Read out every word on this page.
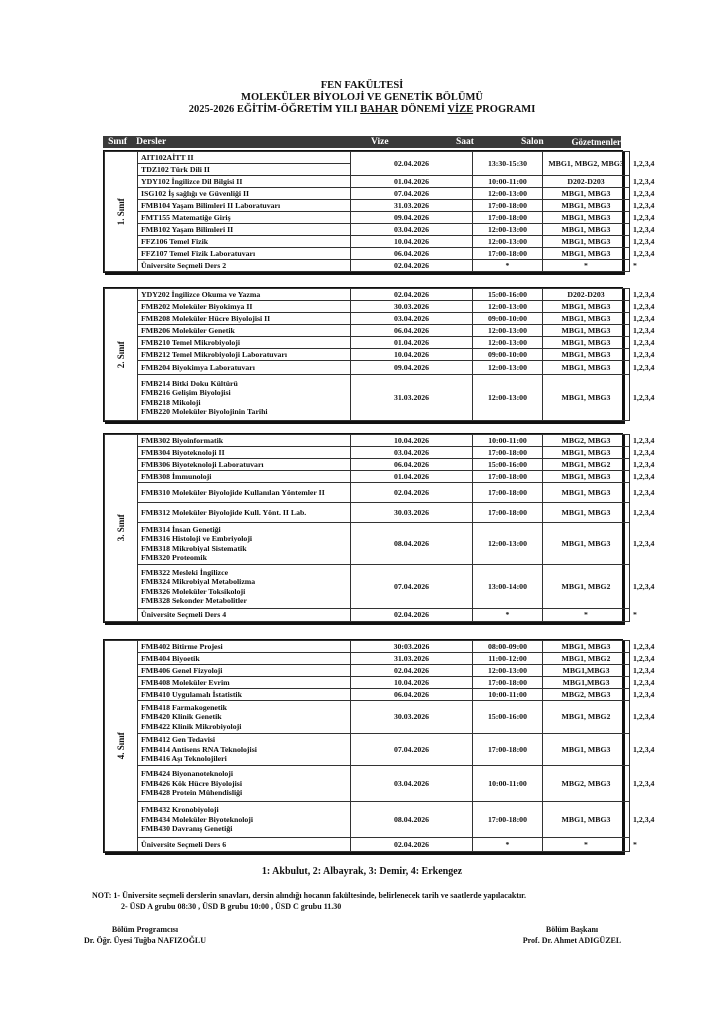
FEN FAKÜLTESİ
MOLEKÜLER BİYOLOJİ VE GENETİK BÖLÜMÜ
2025-2026 EĞİTİM-ÖĞRETİM YILI BAHAR DÖNEMİ VİZE PROGRAMI
Sınıf Dersler	Vize	Saat	Salon	Gözetmenler
1. Sınıf	AIT102AİTT II	02.04.2026	13:30-15:30	MBG1, MBG2, MBG3	1,2,3,4

	TDZ102 Türk Dili II				

	YDY102 İngilizce Dil Bilgisi II	01.04.2026	10:00-11:00	D202-D203	1,2,3,4

	ISG102 İş sağlığı ve Güvenliği II	07.04.2026	12:00-13:00	MBG1, MBG3	1,2,3,4

	FMB104 Yaşam Bilimleri II Laboratuvarı	31.03.2026	17:00-18:00	MBG1, MBG3	1,2,3,4

	FMT155 Matematiğe Giriş	09.04.2026	17:00-18:00	MBG1, MBG3	1,2,3,4

	FMB102 Yaşam Bilimleri II	03.04.2026	12:00-13:00	MBG1, MBG3	1,2,3,4

	FFZ106 Temel Fizik	10.04.2026	12:00-13:00	MBG1, MBG3	1,2,3,4

	FFZ107 Temel Fizik Laboratuvarı	06.04.2026	17:00-18:00	MBG1, MBG3	1,2,3,4

	Üniversite Seçmeli Ders 2	02.04.2026	*	*	*
2. Sınıf	YDY202 İngilizce Okuma ve Yazma	02.04.2026	15:00-16:00	D202-D203	1,2,3,4

	FMB202 Moleküler Biyokimya II	30.03.2026	12:00-13:00	MBG1, MBG3	1,2,3,4

	FMB208 Moleküler Hücre Biyolojisi II	03.04.2026	09:00-10:00	MBG1, MBG3	1,2,3,4

	FMB206 Moleküler Genetik	06.04.2026	12:00-13:00	MBG1, MBG3	1,2,3,4

	FMB210 Temel Mikrobiyoloji	01.04.2026	12:00-13:00	MBG1, MBG3	1,2,3,4

	FMB212 Temel Mikrobiyoloji Laboratuvarı	10.04.2026	09:00-10:00	MBG1, MBG3	1,2,3,4

	FMB204 Biyokimya Laboratuvarı	09.04.2026	12:00-13:00	MBG1, MBG3	1,2,3,4

	FMB214 Bitki Doku Kültürü
FMB216 Gelişim Biyolojisi
FMB218 Mikoloji
FMB220 Moleküler Biyolojinin Tarihi	31.03.2026	12:00-13:00	MBG1, MBG3	1,2,3,4
3. Sınıf	FMB302 Biyoinformatik	10.04.2026	10:00-11:00	MBG2, MBG3	1,2,3,4

	FMB304 Biyoteknoloji II	03.04.2026	17:00-18:00	MBG1, MBG3	1,2,3,4

	FMB306 Biyoteknoloji Laboratuvarı	06.04.2026	15:00-16:00	MBG1, MBG2	1,2,3,4

	FMB308 İmmunoloji	01.04.2026	17:00-18:00	MBG1, MBG3	1,2,3,4

	FMB310 Moleküler Biyolojide Kullanılan Yöntemler II	02.04.2026	17:00-18:00	MBG1, MBG3	1,2,3,4

	FMB312 Moleküler Biyolojide Kull. Yönt. II Lab.	30.03.2026	17:00-18:00	MBG1, MBG3	1,2,3,4

	FMB314 İnsan Genetiği
FMB316 Histoloji ve Embriyoloji
FMB318 Mikrobiyal Sistematik
FMB320 Proteomik	08.04.2026	12:00-13:00	MBG1, MBG3	1,2,3,4

	FMB322 Mesleki İngilizce
FMB324 Mikrobiyal Metabolizma
FMB326 Moleküler Toksikoloji
FMB328 Sekonder Metabolitler	07.04.2026	13:00-14:00	MBG1, MBG2	1,2,3,4

	Üniversite Seçmeli Ders 4	02.04.2026	*	*	*
4. Sınıf	FMB402 Bitirme Projesi	30:03.2026	08:00-09:00	MBG1, MBG3	1,2,3,4

	FMB404 Biyoetik	31.03.2026	11:00-12:00	MBG1, MBG2	1,2,3,4

	FMB406 Genel Fizyoloji	02.04.2026	12:00-13:00	MBG1,MBG3	1,2,3,4

	FMB408 Moleküler Evrim	10.04.2026	17:00-18:00	MBG1,MBG3	1,2,3,4

	FMB410 Uygulamalı İstatistik	06.04.2026	10:00-11:00	MBG2, MBG3	1,2,3,4

	FMB418 Farmakogenetik
FMB420 Klinik Genetik
FMB422 Klinik Mikrobiyoloji	30.03.2026	15:00-16:00	MBG1, MBG2	1,2,3,4

	FMB412 Gen Tedavisi
FMB414 Antisens RNA Teknolojisi
FMB416 Aşı Teknolojileri	07.04.2026	17:00-18:00	MBG1, MBG3	1,2,3,4

	FMB424 Biyonanoteknoloji
FMB426 Kök Hücre Biyolojisi
FMB428 Protein Mühendisliği	03.04.2026	10:00-11:00	MBG2, MBG3	1,2,3,4

	FMB432 Kronobiyoloji
FMB434 Moleküler Biyoteknoloji
FMB430 Davranış Genetiği	08.04.2026	17:00-18:00	MBG1, MBG3	1,2,3,4

	Üniversite Seçmeli Ders 6	02.04.2026	*	*	*
1: Akbulut, 2: Albayrak, 3: Demir, 4: Erkengez
NOT: 1- Üniversite seçmeli derslerin sınavları, dersin alındığı hocanın fakültesinde, belirlenecek tarih ve saatlerde yapılacaktır.
2- ÜSD A grubu 08:30 , ÜSD B grubu 10:00 , ÜSD C grubu 11.30
Bölüm Programcısı
Dr. Öğr. Üyesi Tuğba NAFIZOĞLU
Bölüm Başkanı
Prof. Dr. Ahmet ADIGÜZEL
